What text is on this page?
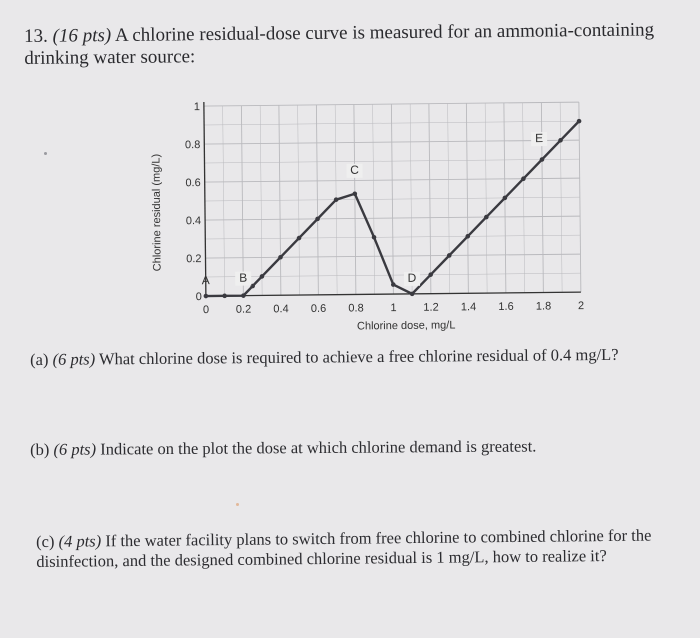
13. (16 pts) A chlorine residual-dose curve is measured for an ammonia-containing
drinking water source:
0 0.2 0.4 0.6 0.8 1 1.2 1.4 1.6 1.8 2
0
0.2
0.4
0.6
0.8
1
A B
C
D
E
Chlorine dose, mg/L
Chlorine residual (mg/L)
(a) (6 pts) What chlorine dose is required to achieve a free chlorine residual of 0.4 mg/L?
(b) (6 pts) Indicate on the plot the dose at which chlorine demand is greatest.
(c) (4 pts) If the water facility plans to switch from free chlorine to combined chlorine for the disinfection, and the designed combined chlorine residual is 1 mg/L, how to realize it?
